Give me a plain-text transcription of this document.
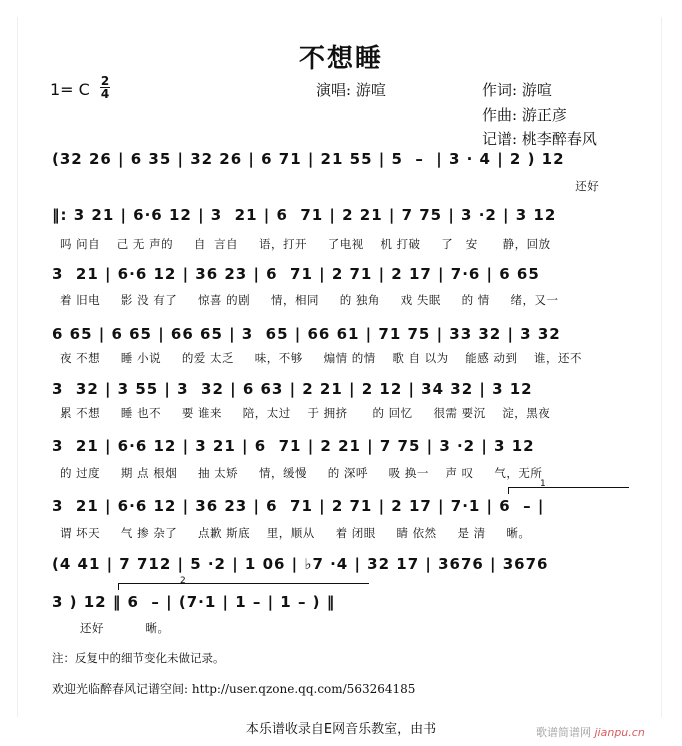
不想睡
1= C 2
4	演唱: 游喧	作词: 游喧
作曲: 游正彦
记谱: 桃李醉春风
(32 26 | 6 35 | 32 26 | 6 71 | 21 55 | 5  –  | 3 · 4 | 2 ) 12
还好
‖: 3 21 | 6·6 12 | 3  21 | 6  71 | 2 21 | 7 75 | 3 ·2 | 3 12
吗 问自    己 无 声的     自  言自     语，打开     了电视    机 打破     了   安      静，回放
3  21 | 6·6 12 | 36 23 | 6  71 | 2 71 | 2 17 | 7·6 | 6 65
着 旧电     影 没 有了     惊喜 的剧     情，相同     的 独角     戏 失眠     的 情     绪，又一
6 65 | 6 65 | 66 65 | 3  65 | 66 61 | 71 75 | 33 32 | 3 32
夜 不想     睡 小说     的爱 太乏     味，不够     煽情 的情    歌 自 以为    能感 动到    谁，还不
3  32 | 3 55 | 3  32 | 6 63 | 2 21 | 2 12 | 34 32 | 3 12
累 不想     睡 也不     要 谁来     陪，太过    于 拥挤      的 回忆     很需 要沉    淀，黑夜
3  21 | 6·6 12 | 3 21 | 6  71 | 2 21 | 7 75 | 3 ·2 | 3 12
的 过度     期 点 根烟     抽 太矫     情，缓慢     的 深呼     吸 换一    声 叹     气，无所
3  21 | 6·6 12 | 36 23 | 6  71 | 2 71 | 2 17 | 7·1 | 6  – |
谓 坏天     气 掺 杂了     点歉 斯底    里，顺从     着 闭眼     睛 依然     是 清     晰。
(4 41 | 7 712 | 5 ·2 | 1 06 | ♭7 ·4 | 32 17 | 3676 | 3676
3 ) 12 ‖ 6  – | (7·1 | 1 – | 1 – ) ‖
还好          晰。
1
2
注：反复中的细节变化未做记录。
欢迎光临醉春风记谱空间: http://user.qzone.qq.com/563264185
本乐谱收录自E网音乐教室，由书	歌谱简谱网 jianpu.cn
